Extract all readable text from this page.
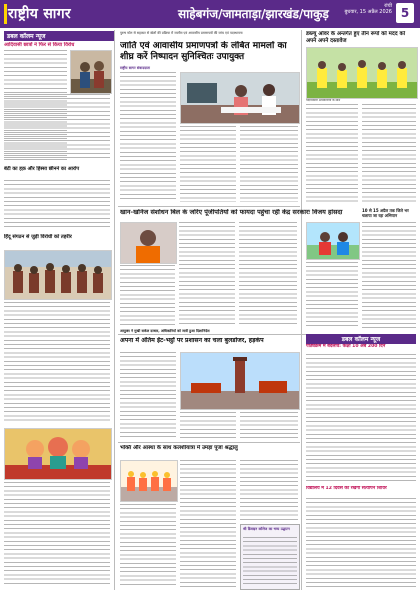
राष्ट्रीय सागर	साहेबगंज/जामताड़ा/झारखंड/पाकुड़
रांची
बुधवार, 15 अप्रैल 2026 5
डबल कॉलम न्यूज
आदिवासी छात्रों ने फिर से किया विरोध
बेटी का हक़ और हिस्सा छीनने का आरोप
हिंदू संगठन से जुड़ी विरोधी को तहरीर
पुरुष फोन से सहकार से खेलों की प्रक्रिया में जातीय एवं आवासीय प्रमाणपत्रों की जांच एवं पदस्थापना
जाति एवं आवासीय प्रमाणपत्रों के लंबित मामलों का शीघ्र करें निष्पादन सुनिश्चितः उपायुक्त
राष्ट्रीय सागर संवाददाता
खान-खनिज संशोधन बिल के जरिए पूंजीपतियों को फायदा पहुंचा रही केंद्र सरकारः विजय हांसदा
आयुक्त ने मुखी सर्कल दरबार, अधिकारियों को जारी हुआ दिशानिर्देश
डब्ल्यू ओवर के अन्तर्गत हुए तीन रूपों को मदद को अपने अपने दस्तावेज
पदाधिकारी अधिकारियों के साथ
10 से 15 अप्रैल तक जिले भर चलाया जा रहा अभियान
अपना में अंतिम ईंट-भट्ठों पर प्रशासन का चला बुलडोजर, हड़कंप
भक्ति और आस्था के साथ कलशीयात्रा में उमड़ा पूजा श्रद्धालु
श्री डिवाइन कॉलेज का भव्य उद्घाटन
डबल कॉलम न्यूज
पाठ्यक्रम में बदलाव: कक्षा 10 अब 200 दिन
विद्यालय में 12 दिवस का रखेगा सत्यापन शिविर
